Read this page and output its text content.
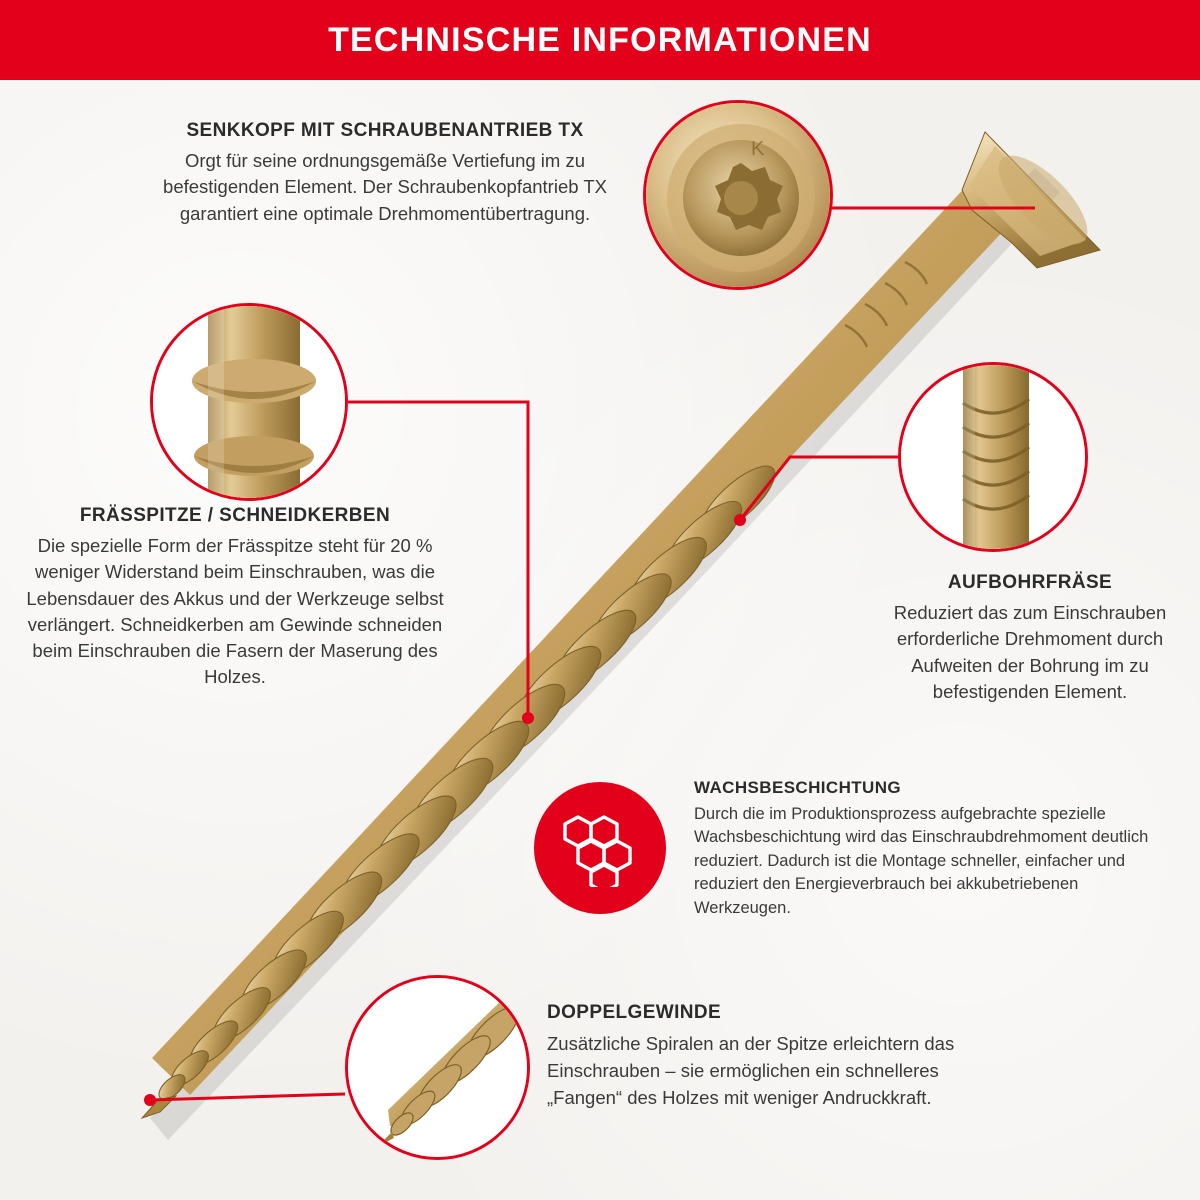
TECHNISCHE INFORMATIONEN
K
SENKKOPF MIT SCHRAUBENANTRIEB TX

Orgt für seine ordnungsgemäße Vertiefung im zu befestigenden Element. Der Schraubenkopfantrieb TX garantiert eine optimale Drehmomentübertragung.

FRÄSSPITZE / SCHNEIDKERBEN

Die spezielle Form der Frässpitze steht für 20 % weniger Widerstand beim Einschrauben, was die Lebensdauer des Akkus und der Werkzeuge selbst verlängert. Schneidkerben am Gewinde schneiden beim Einschrauben die Fasern der Maserung des Holzes.

AUFBOHRFRÄSE

Reduziert das zum Einschrauben erforderliche Drehmoment durch Aufweiten der Bohrung im zu befestigenden Element.

WACHSBESCHICHTUNG

Durch die im Produktionsprozess aufgebrachte spezielle Wachsbeschichtung wird das Einschraubdrehmoment deutlich reduziert. Dadurch ist die Montage schneller, einfacher und reduziert den Energieverbrauch bei akkubetriebenen Werkzeugen.

DOPPELGEWINDE

Zusätzliche Spiralen an der Spitze erleichtern das Einschrauben – sie ermöglichen ein schnelleres „Fangen“ des Holzes mit weniger Andruckkraft.
